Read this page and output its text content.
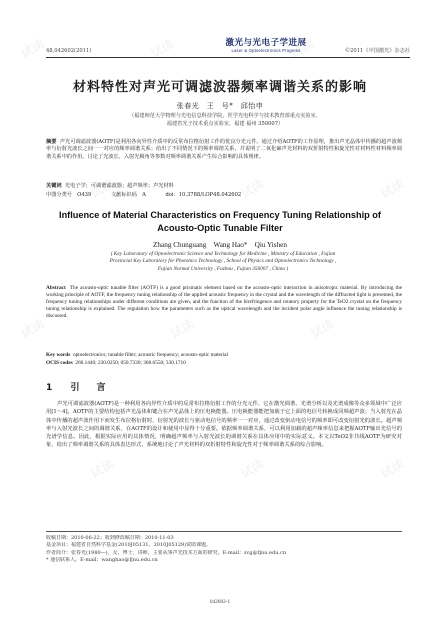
试读	试读	试读
试读	试读	试读
试读	试读	试读
试读	试读	试读
48,042602(2011)
激光与光电子学进展
Laser & Optoelectronics Progress	©2011《中国激光》杂志社
材料特性对声光可调滤波器频率调谐关系的影响
张春光　王　号*　邱怡申
（福建师范大学物理与光电信息科技学院，医学光电科学与技术教育部重点实验室，
福建省光子技术重点实验室，福建 福州 350007）
摘要 声光可调滤波器(AOTF)是利用各向异性介质中的反常布拉格衍射工作的优良分光元件。通过介绍AOTF的工作原理，推出声光晶体中传播的超声波频率与衍射光波长之间一一对应的频率调谐关系；给出了不同情况下的频率调谐关系，并说明了二氧化碲声光材料的双折射特性和旋光性对材料性材料频率调谐关系中的作用。讨论了光波长、入射光极角等参数对频率调谐关系产生综合影响的具体规律。
关键词 光电子学；可调谐滤波器；超声频率；声光材料
中图分类号　O439	文献标识码　A	doi：10.3788/LOP48.042602
Influence of Material Characteristics on Frequency Tuning Relationship of Acousto-Optic Tunable Filter
Zhang Chunguang　Wang Hao*　Qiu Yishen
( Key Laboratory of Optoelectronic Science and Technology for Medicine , Ministry of Education , Fujian
Provincial Key Laboratory for Photonics Technology , School of Physics and Optoelectronics Technology ,
Fujian Normal University , Fuzhou , Fujian 350007 , China )
Abstract The acousto-optic tunable filter (AOTF) is a good prismatic element based on the acousto-optic interaction in anisotropic material. By introducing the working principle of AOTF, the frequency tuning relationship of the applied acoustic frequency in the crystal and the wavelength of the diffracted light is presented, the frequency tuning relationships under different conditions are given, and the function of the birefringence and rotatory property for the TeO2 crystal on the frequency tuning relationship is explained. The regulation how the parameters such as the optical wavelength and the incident polar angle influence the tuning relationship is discussed.
Key words optoelectronics; tunable filter; acoustic frequency; acousto-optic material
OCIS codes 260.1440; 230.0250; 050.7330; 300.6550; 330.1710
1 引　言
声光可调滤波器(AOTF)是一种利用各向异性介质中的反常布拉格衍射工作的分光元件，它在激光调谐、光谱分析以及光谱成像等众多领域中广泛应用[1～4]。AOTF的主要结构包括声光晶体和键合在声光晶体上的压电换能器。压电换能器能把加载于它上面的电信号转换成同频超声波；当入射光在晶体中传播的超声波作用下而发生布拉格衍射时，衍射光的波长与驱动电信号的频率一一对应，通过改变驱动电信号的频率即可改变衍射光的波长。超声频率与入射光波长之间的调谐关系，在AOTF的设计和使用中显得十分重要。依据频率调谐关系，可以利用加载的超声频率信息来把握AOTF输出光信号的光谱学信息。因此，根据实际应用的具体情况，明确超声频率与入射光波长的调谐关系在具体应用中的实际意义。本文以TeO2非共线AOTF为研究对象，给出了频率调谐关系的具体表达形式，系统地讨论了声光材料的双折射特性和旋光性对于频率调谐关系的综合影响。
收稿日期：2010-06-22；收到修改稿日期：2010-11-03
基金项目：福建省自然科学基金(2010J05131，2010J05129)资助课题。
作者简介：张春光(1980—)，女，博士，讲师，主要从事声光技术方面的研究。E-mail：zcg@fjnu.edu.cn
* 通信联系人。E-mail：wanghao@fjnu.edu.cn
042602-1
